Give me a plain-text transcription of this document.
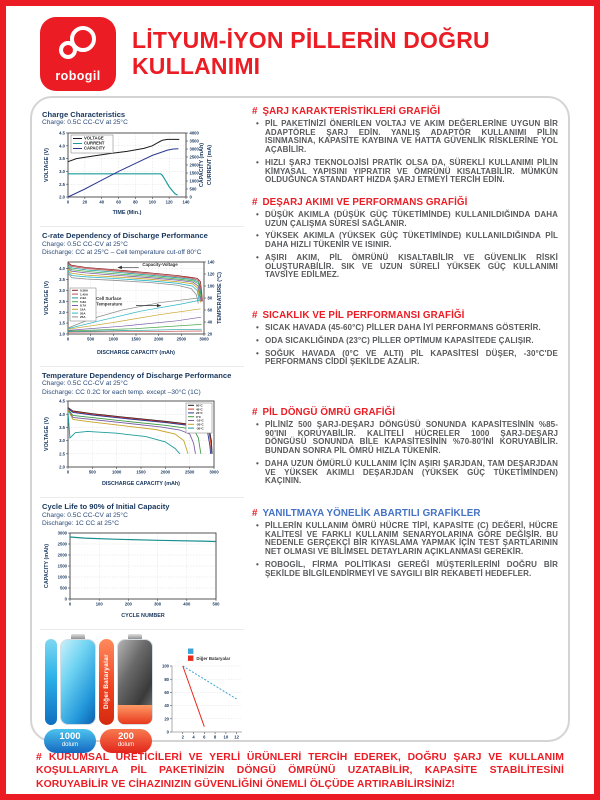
robogil
LİTYUM-İYON PİLLERİN DOĞRU
KULLANIMI
Charge Characteristics
Charge: 0.5C CC-CV at 25°C
0	20	40	60	80	100 120 140
2.0
2.5
3.0
3.5
4.0
4.5
0
500
1000
1500
2000
2500
3000
3500
4000
TIME (Min.)
VOLTAGE (V)	CAPACITY (mAh) CURRENT (mA)
VOLTAGE
CURRENT
CAPACITY
C-rate Dependency of Discharge Performance
Charge: 0.5C CC-CV at 25°C
Discharge: CC at 25°C – Cell temperature cut-off 80°C
0	500	1000	1500	2000	2500	3000
1.0
1.5
2.0
2.5
3.0
3.5
4.0
20
40
60
80
100
120
140
DISCHARGE CAPACITY (mAh)
VOLTAGE (V)	TEMPERATURE (°C)
0.58A
1.45A
2.9A
5.8A
8.7A
15A
20A
25A
Capacity-Voltage
Cell Surface
Temperature
Temperature Dependency of Discharge Performance
Charge: 0.5C CC-CV at 25°C
Discharge: CC 0.2C for each temp. except –30°C (1C)
0	500	1000	1500	2000	2500	3000
2.0
2.5
3.0
3.5
4.0
4.5
DISCHARGE CAPACITY (mAh)
VOLTAGE (V)
60°C
45°C
23°C
0°C
-10°C
-20°C
-30°C
Cycle Life to 90% of Initial Capacity
Charge: 0.5C CC-CV at 25°C
Discharge: 1C CC at 25°C
0	100	200	300	400	500
0
500
1000
1500
2000
2500
3000
CYCLE NUMBER
CAPACITY (mAh)
1000
dolum
Diğer Bataryalar
200
dolum
2 4 6 8 10 12
0
20
40
60
80
100
Diğer Bataryalar
# ŞARJ KARAKTERİSTİKLERİ GRAFİĞİ
• PİL PAKETİNİZİ ÖNERİLEN VOLTAJ VE AKIM DEĞERLERİNE UYGUN BİR ADAPTÖRLE ŞARJ EDİN. YANLIŞ ADAPTÖR KULLANIMI PİLİN ISINMASINA, KAPASİTE KAYBINA VE HATTA GÜVENLİK RİSKLERİNE YOL AÇABİLİR.
• HIZLI ŞARJ TEKNOLOJİSİ PRATİK OLSA DA, SÜREKLİ KULLANIMI PİLİN KİMYASAL YAPISINI YIPRATIR VE ÖMRÜNÜ KISALTABİLİR. MÜMKÜN OLDUĞUNCA STANDART HIZDA ŞARJ ETMEYİ TERCİH EDİN.
# DEŞARJ AKIMI VE PERFORMANS GRAFİĞİ
• DÜŞÜK AKIMLA (DÜŞÜK GÜÇ TÜKETİMİNDE) KULLANILDIĞINDA DAHA UZUN ÇALIŞMA SÜRESİ SAĞLANIR.
• YÜKSEK AKIMLA (YÜKSEK GÜÇ TÜKETİMİNDE) KULLANILDIĞINDA PİL DAHA HIZLI TÜKENİR VE ISINIR.
• AŞIRI AKIM, PİL ÖMRÜNÜ KISALTABİLİR VE GÜVENLİK RİSKİ OLUŞTURABİLİR. SIK VE UZUN SÜRELİ YÜKSEK GÜÇ KULLANIMI TAVSİYE EDİLMEZ.
# SICAKLIK VE PİL PERFORMANSI GRAFİĞİ
• SICAK HAVADA (45-60°C) PİLLER DAHA İYİ PERFORMANS GÖSTERİR.
• ODA SICAKLIĞINDA (23°C) PİLLER OPTİMUM KAPASİTEDE ÇALIŞIR.
• SOĞUK HAVADA (0°C VE ALTI) PİL KAPASİTESİ DÜŞER, -30°C'DE PERFORMANS CİDDİ ŞEKİLDE AZALIR.
# PİL DÖNGÜ ÖMRÜ GRAFİĞİ
• PİLİNİZ 500 ŞARJ-DEŞARJ DÖNGÜSÜ SONUNDA KAPASİTESİNİN %85-90'INI KORUYABİLİR. KALİTELİ HÜCRELER 1000 ŞARJ-DEŞARJ DÖNGÜSÜ SONUNDA BİLE KAPASİTESİNİN %70-80'İNİ KORUYABİLİR. BUNDAN SONRA PİL ÖMRÜ HIZLA TÜKENİR.
• DAHA UZUN ÖMÜRLÜ KULLANIM İÇİN AŞIRI ŞARJDAN, TAM DEŞARJDAN VE YÜKSEK AKIMLI DEŞARJDAN (YÜKSEK GÜÇ TÜKETİMİNDEN) KAÇININ.
# YANILTMAYA YÖNELİK ABARTILI GRAFİKLER
• PİLLERİN KULLANIM ÖMRÜ HÜCRE TİPİ, KAPASİTE (C) DEĞERİ, HÜCRE KALİTESİ VE FARKLI KULLANIM SENARYOLARINA GÖRE DEĞİŞİR. BU NEDENLE GERÇEKÇİ BİR KIYASLAMA YAPMAK İÇİN TEST ŞARTLARININ NET OLMASI VE BİLİMSEL DETAYLARIN AÇIKLANMASI GEREKİR.
• ROBOGİL, FİRMA POLİTİKASI GEREĞİ MÜŞTERİLERİNİ DOĞRU BİR ŞEKİLDE BİLGİLENDİRMEYİ VE SAYGILI BİR REKABETİ HEDEFLER.
# KURUMSAL ÜRETİCİLERİ VE YERLİ ÜRÜNLERİ TERCİH EDEREK, DOĞRU ŞARJ VE KULLANIM KOŞULLARIYLA PİL PAKETİNİZİN DÖNGÜ ÖMRÜNÜ UZATABİLİR, KAPASİTE STABİLİTESİNİ KORUYABİLİR VE CİHAZINIZIN GÜVENLİĞİNİ ÖNEMLİ ÖLÇÜDE ARTIRABİLİRSİNİZ!
